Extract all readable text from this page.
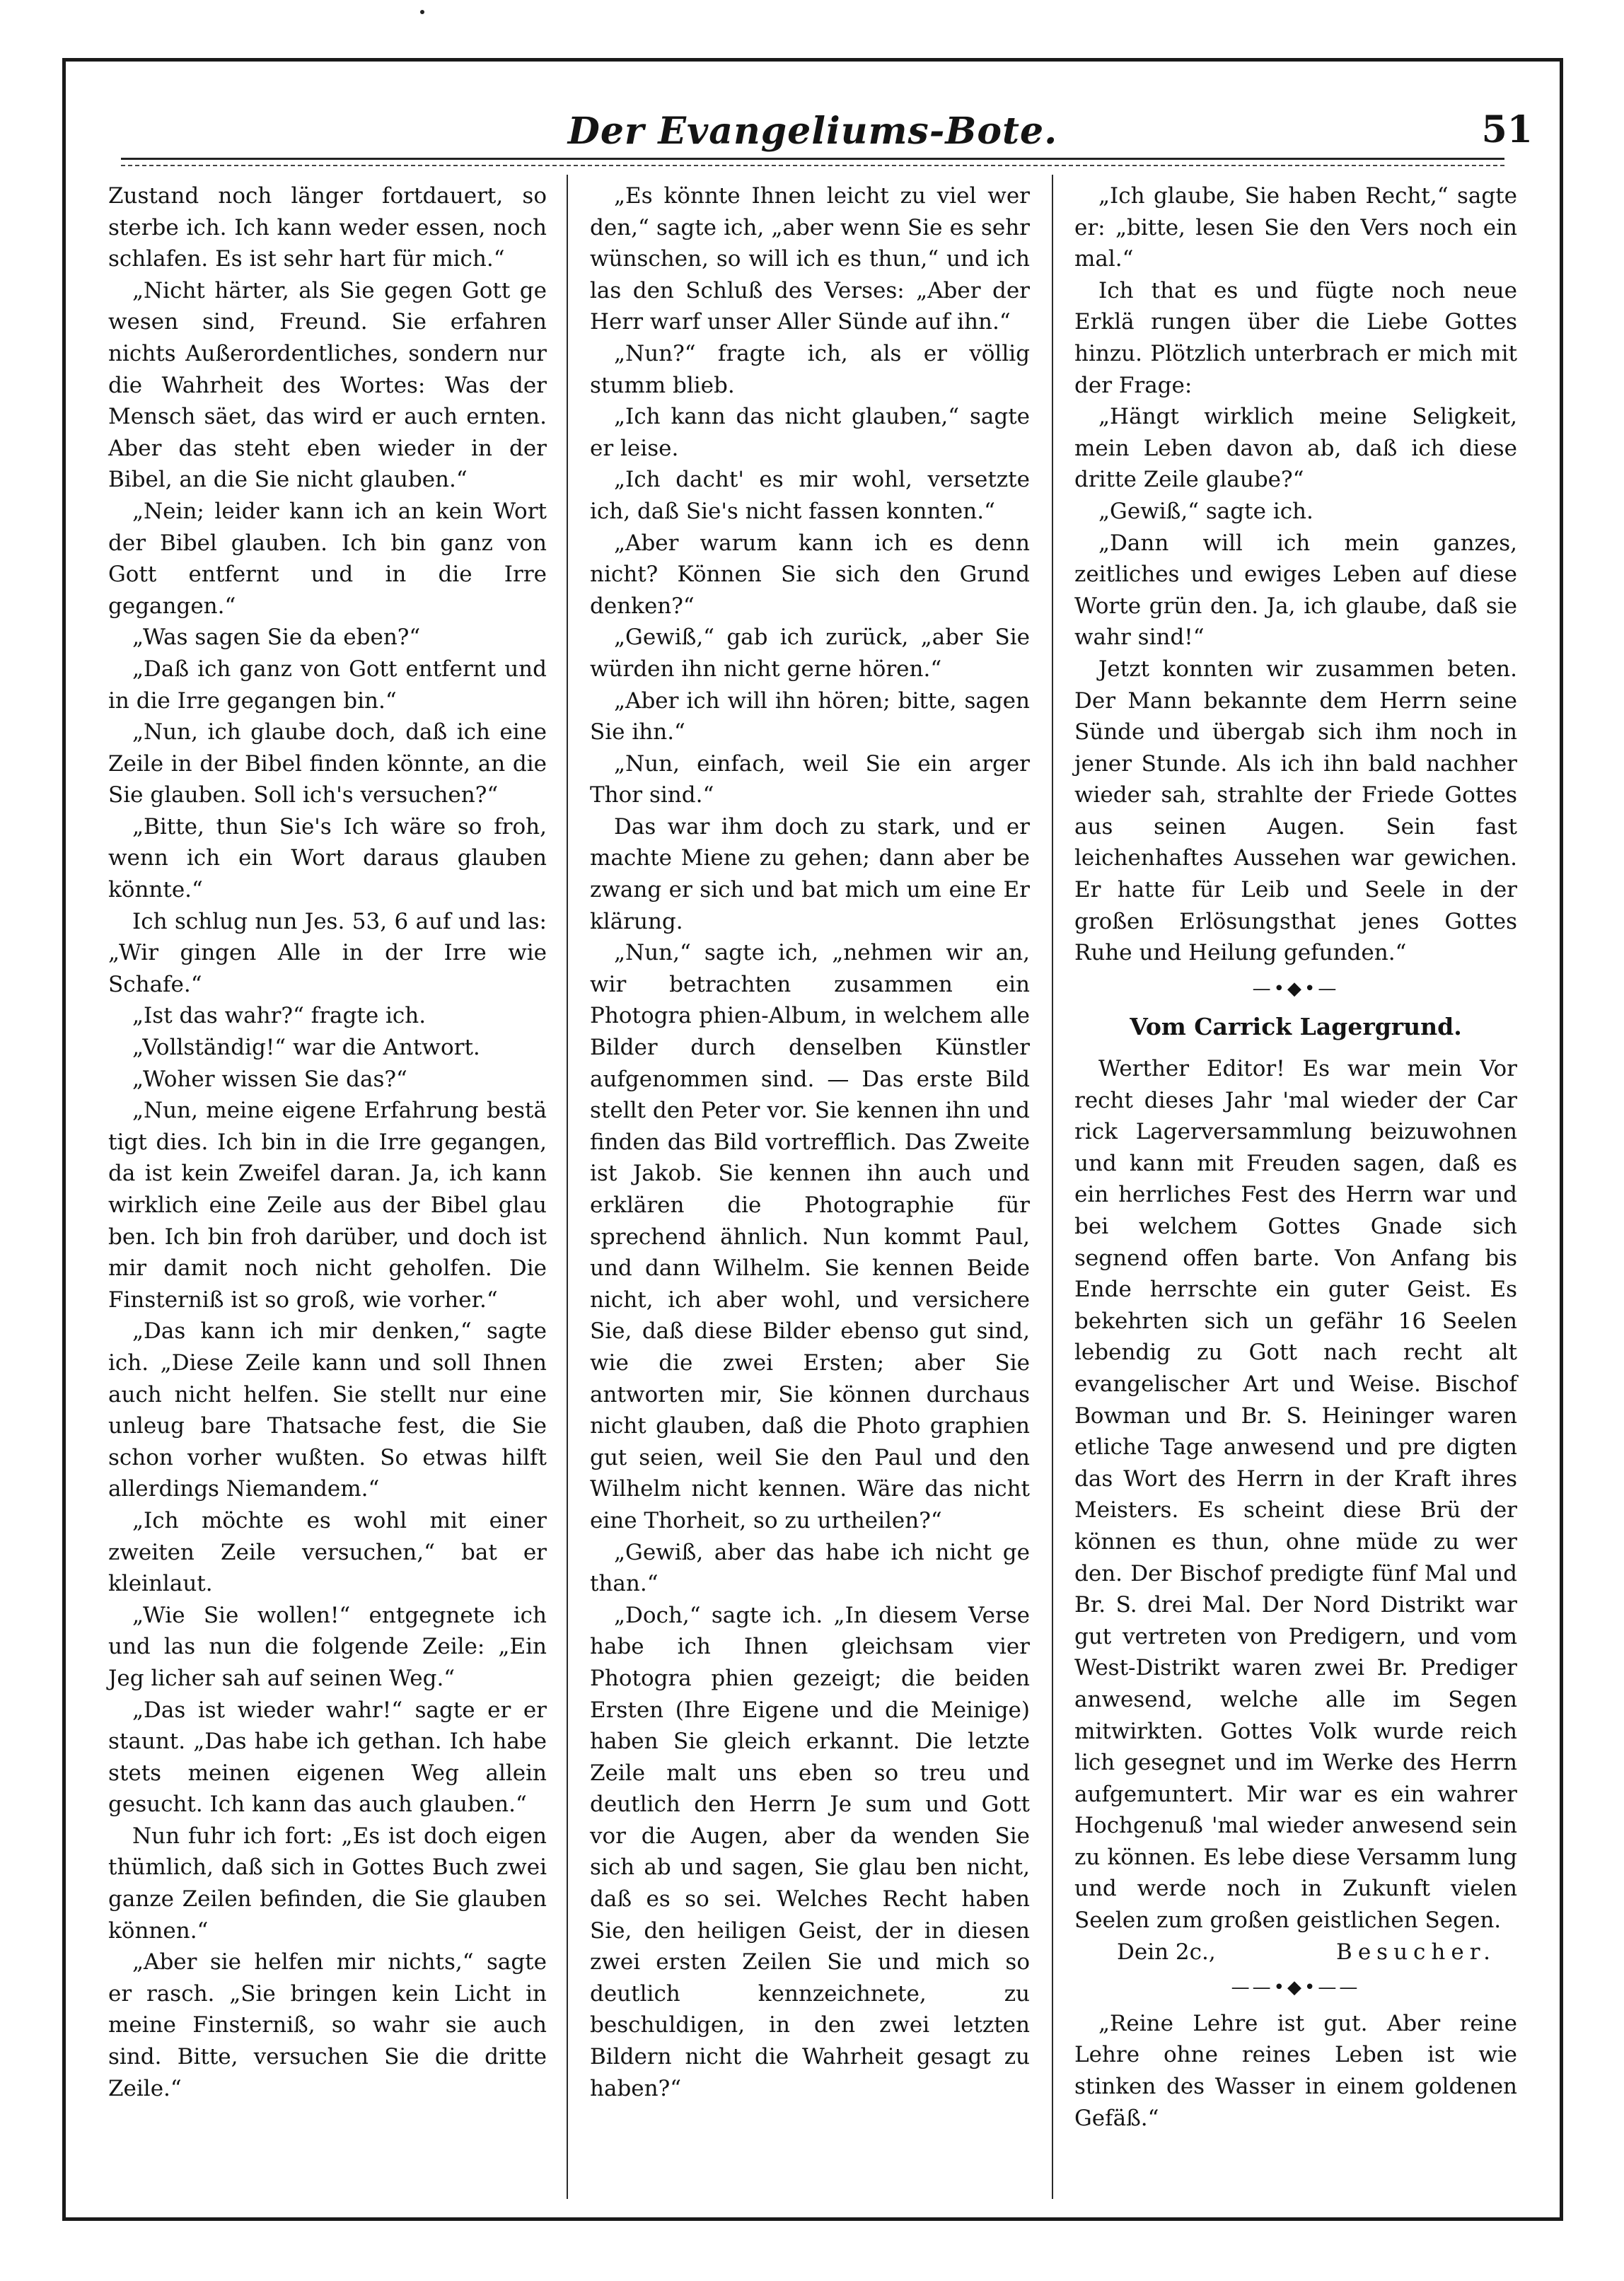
Der Evangeliums-Bote.	51

Zustand noch länger fortdauert, so sterbe ich. Ich kann weder essen, noch schlafen. Es ist sehr hart für mich.“

„Nicht härter, als Sie gegen Gott ge wesen sind, Freund. Sie erfahren nichts Außerordentliches, sondern nur die Wahrheit des Wortes: Was der Mensch säet, das wird er auch ernten. Aber das steht eben wieder in der Bibel, an die Sie nicht glauben.“

„Nein; leider kann ich an kein Wort der Bibel glauben. Ich bin ganz von Gott entfernt und in die Irre gegangen.“

„Was sagen Sie da eben?“

„Daß ich ganz von Gott entfernt und in die Irre gegangen bin.“

„Nun, ich glaube doch, daß ich eine Zeile in der Bibel finden könnte, an die Sie glauben. Soll ich's versuchen?“

„Bitte, thun Sie's Ich wäre so froh, wenn ich ein Wort daraus glauben könnte.“

Ich schlug nun Jes. 53, 6 auf und las: „Wir gingen Alle in der Irre wie Schafe.“

„Ist das wahr?“ fragte ich.

„Vollständig!“ war die Antwort.

„Woher wissen Sie das?“

„Nun, meine eigene Erfahrung bestä tigt dies. Ich bin in die Irre gegangen, da ist kein Zweifel daran. Ja, ich kann wirklich eine Zeile aus der Bibel glau ben. Ich bin froh darüber, und doch ist mir damit noch nicht geholfen. Die Finsterniß ist so groß, wie vorher.“

„Das kann ich mir denken,“ sagte ich. „Diese Zeile kann und soll Ihnen auch nicht helfen. Sie stellt nur eine unleug bare Thatsache fest, die Sie schon vorher wußten. So etwas hilft allerdings Niemandem.“

„Ich möchte es wohl mit einer zweiten Zeile versuchen,“ bat er kleinlaut.

„Wie Sie wollen!“ entgegnete ich und las nun die folgende Zeile: „Ein Jeg licher sah auf seinen Weg.“

„Das ist wieder wahr!“ sagte er er staunt. „Das habe ich gethan. Ich habe stets meinen eigenen Weg allein gesucht. Ich kann das auch glauben.“

Nun fuhr ich fort: „Es ist doch eigen thümlich, daß sich in Gottes Buch zwei ganze Zeilen befinden, die Sie glauben können.“

„Aber sie helfen mir nichts,“ sagte er rasch. „Sie bringen kein Licht in meine Finsterniß, so wahr sie auch sind. Bitte, versuchen Sie die dritte Zeile.“

„Es könnte Ihnen leicht zu viel wer den,“ sagte ich, „aber wenn Sie es sehr wünschen, so will ich es thun,“ und ich las den Schluß des Verses: „Aber der Herr warf unser Aller Sünde auf ihn.“

„Nun?“ fragte ich, als er völlig stumm blieb.

„Ich kann das nicht glauben,“ sagte er leise.

„Ich dacht' es mir wohl, versetzte ich, daß Sie's nicht fassen konnten.“

„Aber warum kann ich es denn nicht? Können Sie sich den Grund denken?“

„Gewiß,“ gab ich zurück, „aber Sie würden ihn nicht gerne hören.“

„Aber ich will ihn hören; bitte, sagen Sie ihn.“

„Nun, einfach, weil Sie ein arger Thor sind.“

Das war ihm doch zu stark, und er machte Miene zu gehen; dann aber be zwang er sich und bat mich um eine Er klärung.

„Nun,“ sagte ich, „nehmen wir an, wir betrachten zusammen ein Photogra phien-Album, in welchem alle Bilder durch denselben Künstler aufgenommen sind. — Das erste Bild stellt den Peter vor. Sie kennen ihn und finden das Bild vortrefflich. Das Zweite ist Jakob. Sie kennen ihn auch und erklären die Photographie für sprechend ähnlich. Nun kommt Paul, und dann Wilhelm. Sie kennen Beide nicht, ich aber wohl, und versichere Sie, daß diese Bilder ebenso gut sind, wie die zwei Ersten; aber Sie antworten mir, Sie können durchaus nicht glauben, daß die Photo graphien gut seien, weil Sie den Paul und den Wilhelm nicht kennen. Wäre das nicht eine Thorheit, so zu urtheilen?“

„Gewiß, aber das habe ich nicht ge than.“

„Doch,“ sagte ich. „In diesem Verse habe ich Ihnen gleichsam vier Photogra phien gezeigt; die beiden Ersten (Ihre Eigene und die Meinige) haben Sie gleich erkannt. Die letzte Zeile malt uns eben so treu und deutlich den Herrn Je sum und Gott vor die Augen, aber da wenden Sie sich ab und sagen, Sie glau ben nicht, daß es so sei. Welches Recht haben Sie, den heiligen Geist, der in diesen zwei ersten Zeilen Sie und mich so deutlich kennzeichnete, zu beschuldigen, in den zwei letzten Bildern nicht die Wahrheit gesagt zu haben?“

„Ich glaube, Sie haben Recht,“ sagte er: „bitte, lesen Sie den Vers noch ein mal.“

Ich that es und fügte noch neue Erklä rungen über die Liebe Gottes hinzu. Plötzlich unterbrach er mich mit der Frage:

„Hängt wirklich meine Seligkeit, mein Leben davon ab, daß ich diese dritte Zeile glaube?“

„Gewiß,“ sagte ich.

„Dann will ich mein ganzes, zeitliches und ewiges Leben auf diese Worte grün den. Ja, ich glaube, daß sie wahr sind!“

Jetzt konnten wir zusammen beten. Der Mann bekannte dem Herrn seine Sünde und übergab sich ihm noch in jener Stunde. Als ich ihn bald nachher wieder sah, strahlte der Friede Gottes aus seinen Augen. Sein fast leichenhaftes Aussehen war gewichen. Er hatte für Leib und Seele in der großen Erlösungsthat jenes Gottes Ruhe und Heilung gefunden.“

—•◆•—

Vom Carrick Lagergrund.

Werther Editor! Es war mein Vor recht dieses Jahr 'mal wieder der Car rick Lagerversammlung beizuwohnen und kann mit Freuden sagen, daß es ein herrliches Fest des Herrn war und bei welchem Gottes Gnade sich segnend offen barte. Von Anfang bis Ende herrschte ein guter Geist. Es bekehrten sich un gefähr 16 Seelen lebendig zu Gott nach recht alt evangelischer Art und Weise. Bischof Bowman und Br. S. Heininger waren etliche Tage anwesend und pre digten das Wort des Herrn in der Kraft ihres Meisters. Es scheint diese Brü der können es thun, ohne müde zu wer den. Der Bischof predigte fünf Mal und Br. S. drei Mal. Der Nord Distrikt war gut vertreten von Predigern, und vom West-Distrikt waren zwei Br. Prediger anwesend, welche alle im Segen mitwirkten. Gottes Volk wurde reich lich gesegnet und im Werke des Herrn aufgemuntert. Mir war es ein wahrer Hochgenuß 'mal wieder anwesend sein zu können. Es lebe diese Versamm lung und werde noch in Zukunft vielen Seelen zum großen geistlichen Segen.

Dein 2c.,	Besucher.

——•◆•——

„Reine Lehre ist gut. Aber reine Lehre ohne reines Leben ist wie stinken des Wasser in einem goldenen Gefäß.“
